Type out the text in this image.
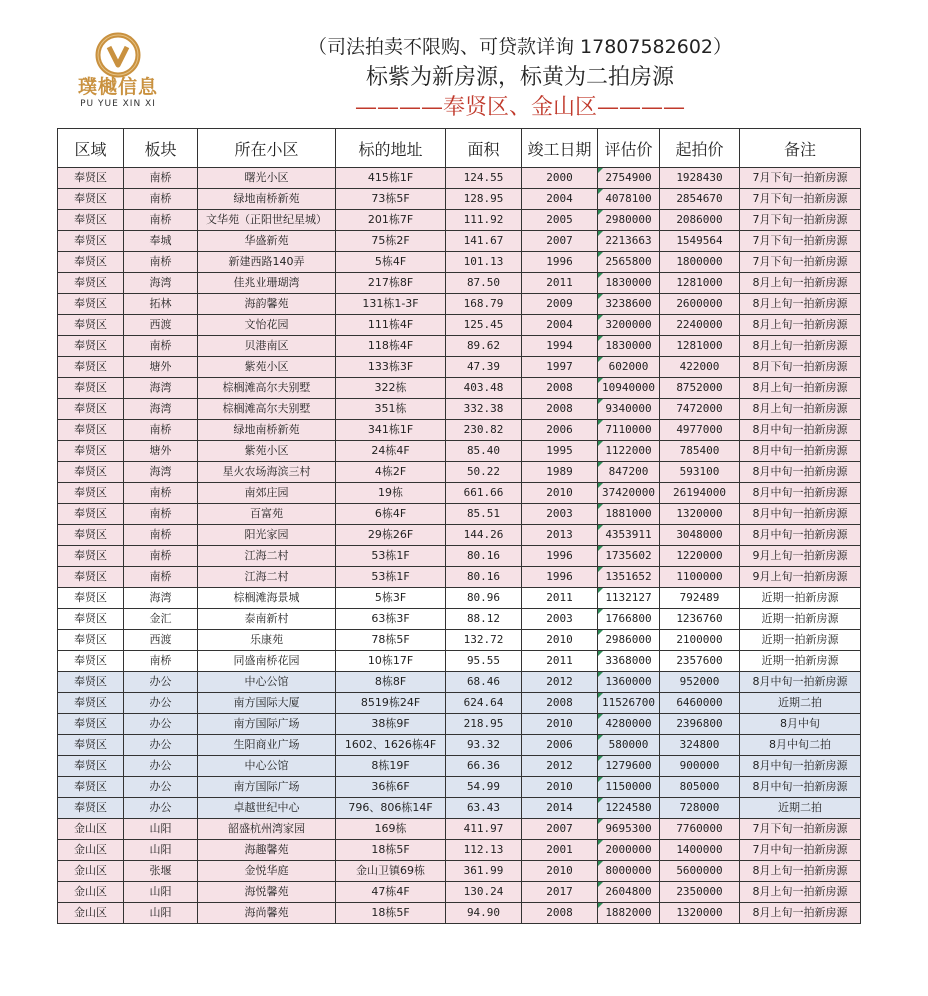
璞樾信息
PU YUE XIN XI
（司法拍卖不限购、可贷款详询 17807582602）
标紫为新房源，标黄为二拍房源
————奉贤区、金山区————
区域	板块	所在小区	标的地址	面积	竣工日期	评估价	起拍价	备注
奉贤区	南桥	曙光小区	415栋1F	124.55	2000	2754900	1928430	7月下旬一拍新房源
奉贤区	南桥	绿地南桥新苑	73栋5F	128.95	2004	4078100	2854670	7月下旬一拍新房源
奉贤区	南桥	文华苑（正阳世纪星城）	201栋7F	111.92	2005	2980000	2086000	7月下旬一拍新房源
奉贤区	奉城	华盛新苑	75栋2F	141.67	2007	2213663	1549564	7月下旬一拍新房源
奉贤区	南桥	新建西路140弄	5栋4F	101.13	1996	2565800	1800000	7月下旬一拍新房源
奉贤区	海湾	佳兆业珊瑚湾	217栋8F	87.50	2011	1830000	1281000	8月上旬一拍新房源
奉贤区	拓林	海韵馨苑	131栋1-3F	168.79	2009	3238600	2600000	8月上旬一拍新房源
奉贤区	西渡	文怡花园	111栋4F	125.45	2004	3200000	2240000	8月上旬一拍新房源
奉贤区	南桥	贝港南区	118栋4F	89.62	1994	1830000	1281000	8月上旬一拍新房源
奉贤区	塘外	紫苑小区	133栋3F	47.39	1997	602000	422000	8月下旬一拍新房源
奉贤区	海湾	棕榈滩高尔夫别墅	322栋	403.48	2008	10940000	8752000	8月上旬一拍新房源
奉贤区	海湾	棕榈滩高尔夫别墅	351栋	332.38	2008	9340000	7472000	8月上旬一拍新房源
奉贤区	南桥	绿地南桥新苑	341栋1F	230.82	2006	7110000	4977000	8月中旬一拍新房源
奉贤区	塘外	紫苑小区	24栋4F	85.40	1995	1122000	785400	8月中旬一拍新房源
奉贤区	海湾	星火农场海滨三村	4栋2F	50.22	1989	847200	593100	8月中旬一拍新房源
奉贤区	南桥	南郊庄园	19栋	661.66	2010	37420000	26194000	8月中旬一拍新房源
奉贤区	南桥	百富苑	6栋4F	85.51	2003	1881000	1320000	8月中旬一拍新房源
奉贤区	南桥	阳光家园	29栋26F	144.26	2013	4353911	3048000	8月中旬一拍新房源
奉贤区	南桥	江海二村	53栋1F	80.16	1996	1735602	1220000	9月上旬一拍新房源
奉贤区	南桥	江海二村	53栋1F	80.16	1996	1351652	1100000	9月上旬一拍新房源
奉贤区	海湾	棕榈滩海景城	5栋3F	80.96	2011	1132127	792489	近期一拍新房源
奉贤区	金汇	泰南新村	63栋3F	88.12	2003	1766800	1236760	近期一拍新房源
奉贤区	西渡	乐康苑	78栋5F	132.72	2010	2986000	2100000	近期一拍新房源
奉贤区	南桥	同盛南桥花园	10栋17F	95.55	2011	3368000	2357600	近期一拍新房源
奉贤区	办公	中心公馆	8栋8F	68.46	2012	1360000	952000	8月中旬一拍新房源
奉贤区	办公	南方国际大厦	8519栋24F	624.64	2008	11526700	6460000	近期二拍
奉贤区	办公	南方国际广场	38栋9F	218.95	2010	4280000	2396800	8月中旬
奉贤区	办公	生阳商业广场	1602、1626栋4F	93.32	2006	580000	324800	8月中旬二拍
奉贤区	办公	中心公馆	8栋19F	66.36	2012	1279600	900000	8月中旬一拍新房源
奉贤区	办公	南方国际广场	36栋6F	54.99	2010	1150000	805000	8月中旬一拍新房源
奉贤区	办公	卓越世纪中心	796、806栋14F	63.43	2014	1224580	728000	近期二拍
金山区	山阳	韶盛杭州湾家园	169栋	411.97	2007	9695300	7760000	7月下旬一拍新房源
金山区	山阳	海趣馨苑	18栋5F	112.13	2001	2000000	1400000	7月中旬一拍新房源
金山区	张堰	金悦华庭	金山卫镇69栋	361.99	2010	8000000	5600000	8月上旬一拍新房源
金山区	山阳	海悦馨苑	47栋4F	130.24	2017	2604800	2350000	8月上旬一拍新房源
金山区	山阳	海尚馨苑	18栋5F	94.90	2008	1882000	1320000	8月上旬一拍新房源
